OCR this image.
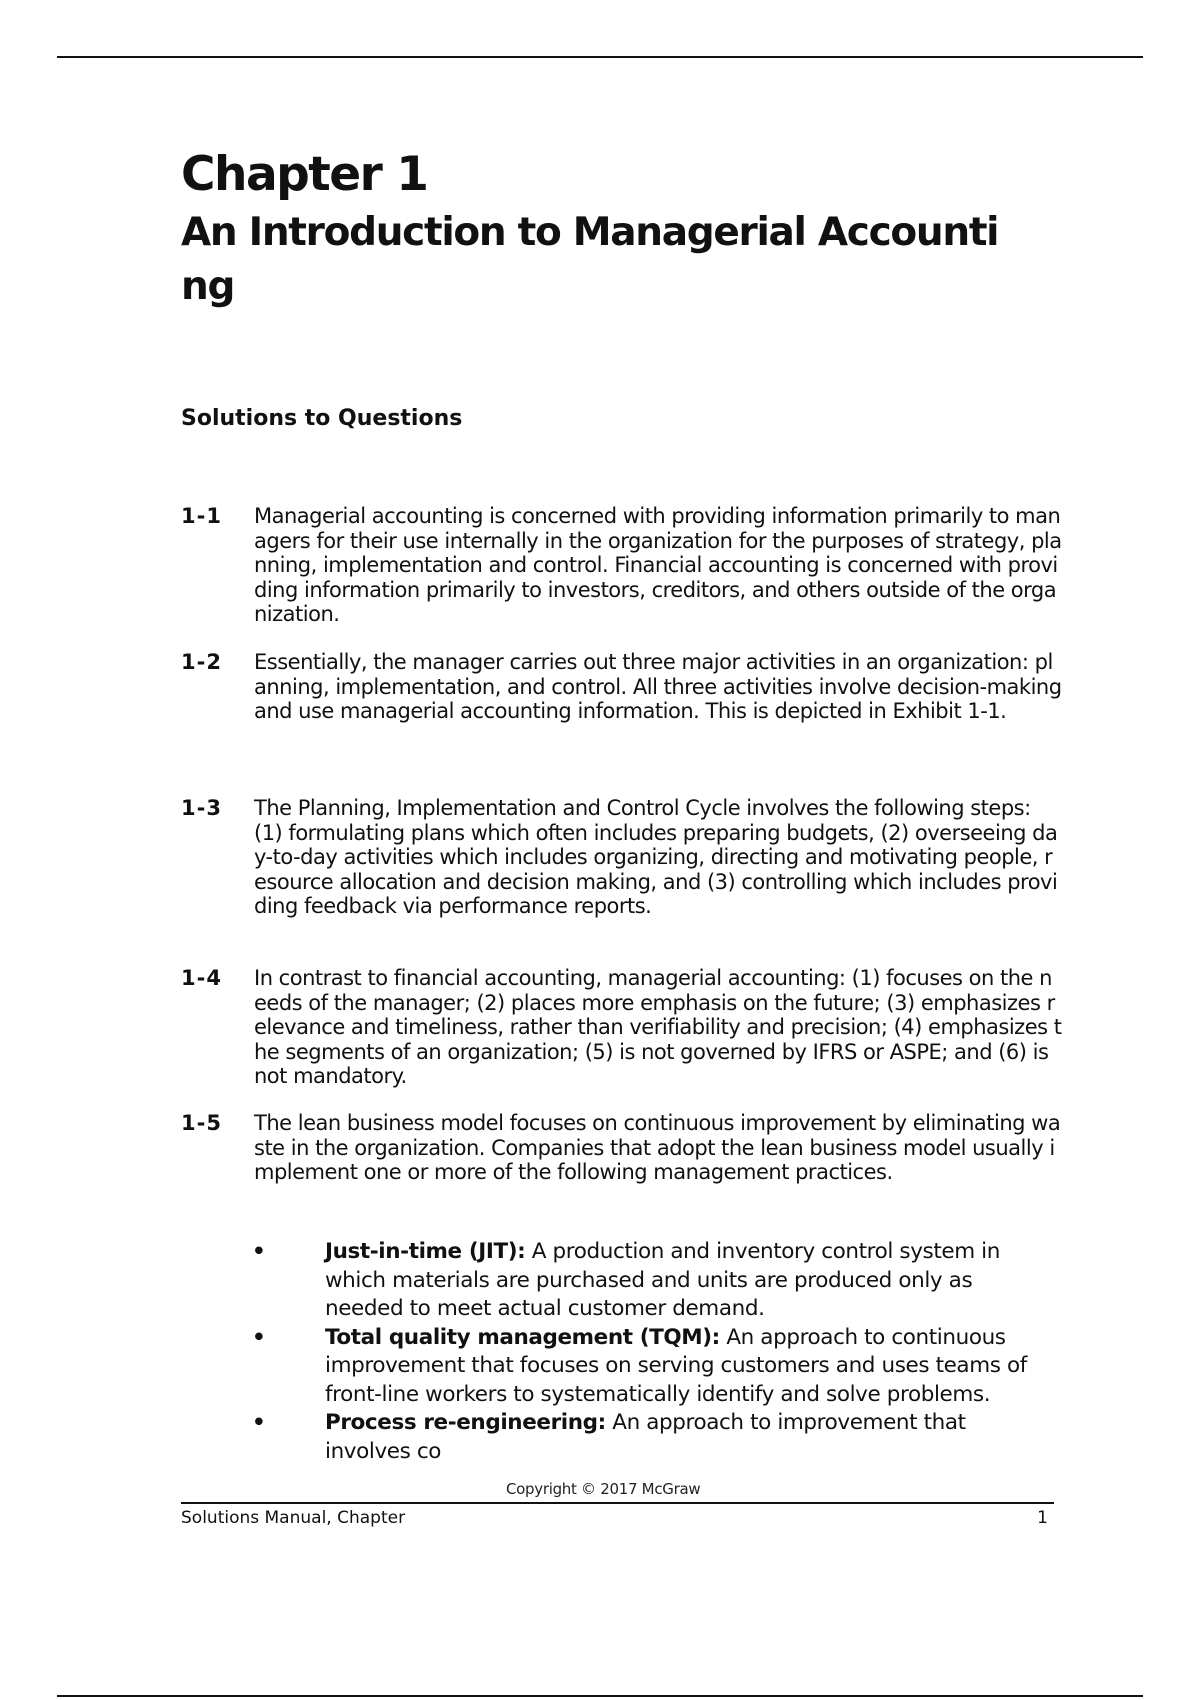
Chapter 1
An Introduction to Managerial Accounting
Solutions to Questions
1-1 Managerial accounting is concerned with providing information primarily to managers for their use internally in the organization for the purposes of strategy, planning, implementation and control. Financial accounting is concerned with providing information primarily to investors, creditors, and others outside of the organization.

1-2 Essentially, the manager carries out three major activities in an organization: planning, implementation, and control. All three activities involve decision-making and use managerial accounting information. This is depicted in Exhibit 1-1.

1-3 The Planning, Implementation and Control Cycle involves the following steps: (1) formulating plans which often includes preparing budgets, (2) overseeing day-to-day activities which includes organizing, directing and motivating people, resource allocation and decision making, and (3) controlling which includes providing feedback via performance reports.

1-4 In contrast to financial accounting, managerial accounting: (1) focuses on the needs of the manager; (2) places more emphasis on the future; (3) emphasizes relevance and timeliness, rather than verifiability and precision; (4) emphasizes the segments of an organization; (5) is not governed by IFRS or ASPE; and (6) is not mandatory.

1-5 The lean business model focuses on continuous improvement by eliminating waste in the organization. Companies that adopt the lean business model usually implement one or more of the following management practices.

•	Just-in-time (JIT): A production and inventory control system in which materials are purchased and units are produced only as needed to meet actual customer demand.
•	Total quality management (TQM): An approach to continuous improvement that focuses on serving customers and uses teams of front-line workers to systematically identify and solve problems.
•	Process re-engineering: An approach to improvement that involves co
Copyright © 2017 McGraw
Solutions Manual, Chapter	1
